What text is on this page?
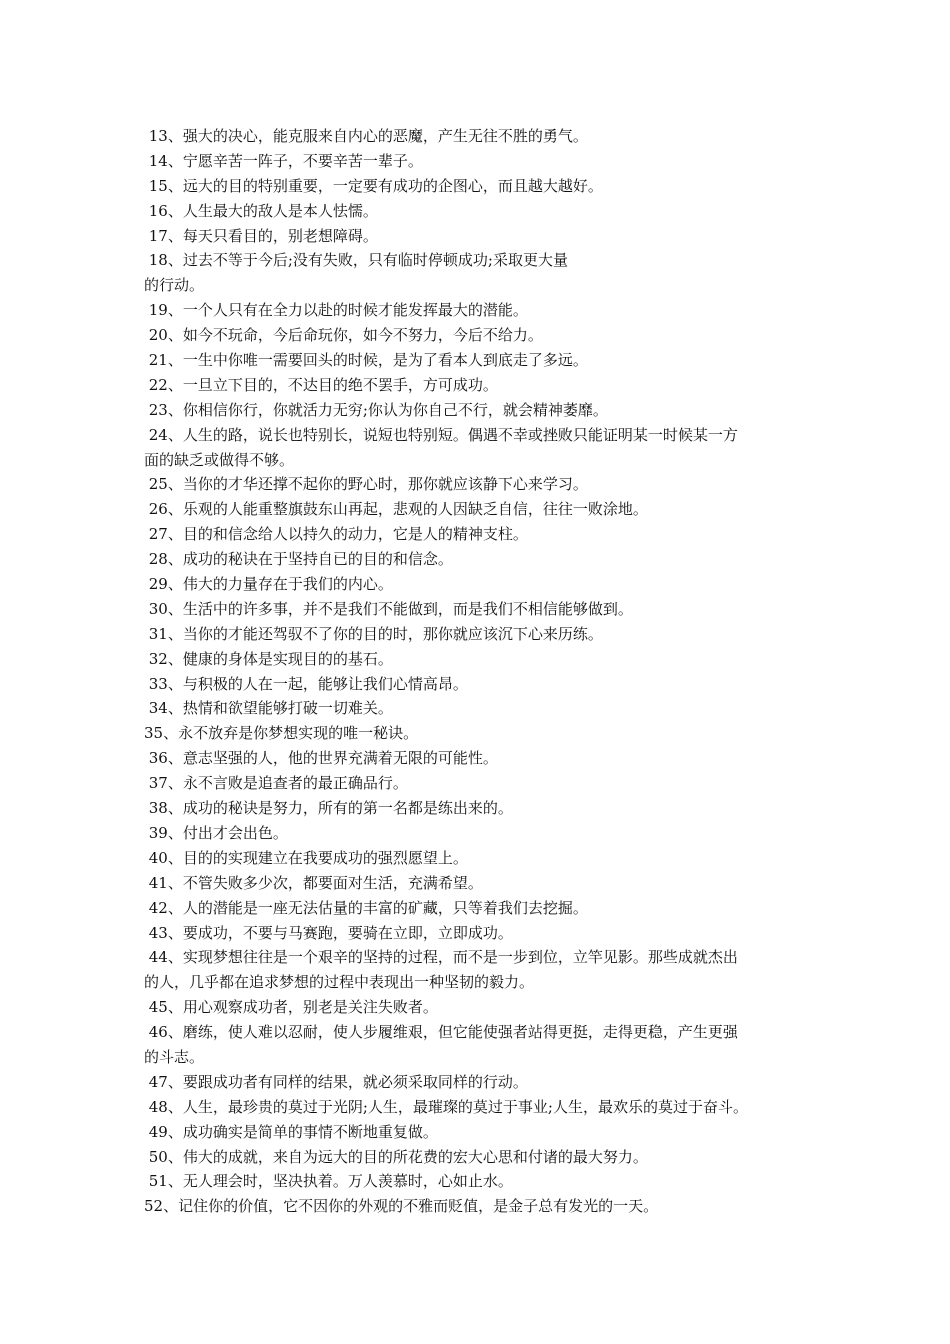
13、强大的决心，能克服来自内心的恶魔，产生无往不胜的勇气。

14、宁愿辛苦一阵子，不要辛苦一辈子。

15、远大的目的特别重要，一定要有成功的企图心，而且越大越好。

16、人生最大的敌人是本人怯懦。

17、每天只看目的，别老想障碍。

18、过去不等于今后;没有失败，只有临时停顿成功;采取更大量

的行动。

19、一个人只有在全力以赴的时候才能发挥最大的潜能。

20、如今不玩命，今后命玩你，如今不努力，今后不给力。

21、一生中你唯一需要回头的时候，是为了看本人到底走了多远。

22、一旦立下目的，不达目的绝不罢手，方可成功。

23、你相信你行，你就活力无穷;你认为你自己不行，就会精神萎靡。

24、人生的路，说长也特别长，说短也特别短。偶遇不幸或挫败只能证明某一时候某一方

面的缺乏或做得不够。

25、当你的才华还撑不起你的野心时，那你就应该静下心来学习。

26、乐观的人能重整旗鼓东山再起，悲观的人因缺乏自信，往往一败涂地。

27、目的和信念给人以持久的动力，它是人的精神支柱。

28、成功的秘诀在于坚持自已的目的和信念。

29、伟大的力量存在于我们的内心。

30、生活中的许多事，并不是我们不能做到，而是我们不相信能够做到。

31、当你的才能还驾驭不了你的目的时，那你就应该沉下心来历练。

32、健康的身体是实现目的的基石。

33、与积极的人在一起，能够让我们心情高昂。

34、热情和欲望能够打破一切难关。

35、永不放弃是你梦想实现的唯一秘诀。

36、意志坚强的人，他的世界充满着无限的可能性。

37、永不言败是追查者的最正确品行。

38、成功的秘诀是努力，所有的第一名都是练出来的。

39、付出才会出色。

40、目的的实现建立在我要成功的强烈愿望上。

41、不管失败多少次，都要面对生活，充满希望。

42、人的潜能是一座无法估量的丰富的矿藏，只等着我们去挖掘。

43、要成功，不要与马赛跑，要骑在立即，立即成功。

44、实现梦想往往是一个艰辛的坚持的过程，而不是一步到位，立竿见影。那些成就杰出

的人，几乎都在追求梦想的过程中表现出一种坚韧的毅力。

45、用心观察成功者，别老是关注失败者。

46、磨练，使人难以忍耐，使人步履维艰，但它能使强者站得更挺，走得更稳，产生更强

的斗志。

47、要跟成功者有同样的结果，就必须采取同样的行动。

48、人生，最珍贵的莫过于光阴;人生，最璀璨的莫过于事业;人生，最欢乐的莫过于奋斗。

49、成功确实是简单的事情不断地重复做。

50、伟大的成就，来自为远大的目的所花费的宏大心思和付诸的最大努力。

51、无人理会时，坚决执着。万人羡慕时，心如止水。

52、记住你的价值，它不因你的外观的不雅而贬值，是金子总有发光的一天。
